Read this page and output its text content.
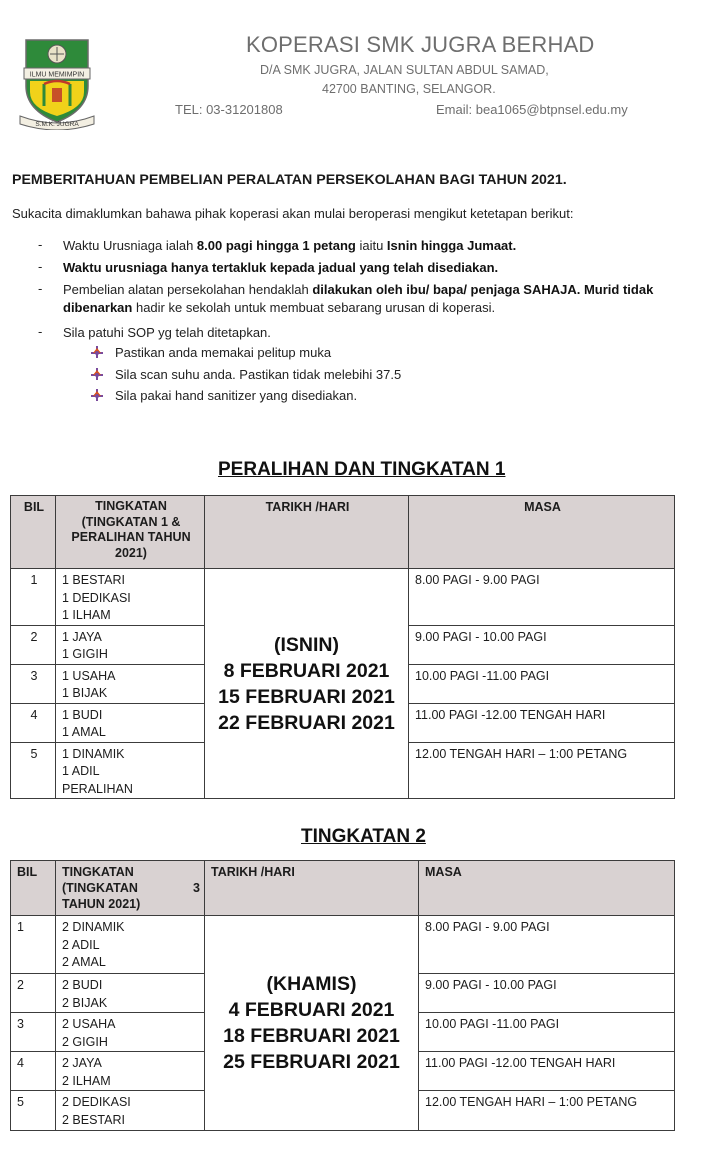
ILMU MEMIMPIN
S.M.K. JUGRA
KOPERASI SMK JUGRA BERHAD
D/A SMK JUGRA, JALAN SULTAN ABDUL SAMAD,
42700 BANTING, SELANGOR.
TEL: 03-31201808	Email: bea1065@btpnsel.edu.my
PEMBERITAHUAN PEMBELIAN PERALATAN PERSEKOLAHAN BAGI TAHUN 2021.
Sukacita dimaklumkan bahawa pihak koperasi akan mulai beroperasi mengikut ketetapan berikut:
- Waktu Urusniaga ialah 8.00 pagi hingga 1 petang iaitu Isnin hingga Jumaat.
- Waktu urusniaga hanya tertakluk kepada jadual yang telah disediakan.
- Pembelian alatan persekolahan hendaklah dilakukan oleh ibu/ bapa/ penjaga SAHAJA. Murid tidak
dibenarkan hadir ke sekolah untuk membuat sebarang urusan di koperasi.
- Sila patuhi SOP yg telah ditetapkan.
Pastikan anda memakai pelitup muka
Sila scan suhu anda. Pastikan tidak melebihi 37.5
Sila pakai hand sanitizer yang disediakan.
PERALIHAN DAN TINGKATAN 1
BIL	TINGKATAN
(TINGKATAN 1 &
PERALIHAN TAHUN
2021)	TARIKH /HARI	MASA

1	1 BESTARI
1 DEDIKASI
1 ILHAM	(ISNIN)
8 FEBRUARI 2021
15 FEBRUARI 2021
22 FEBRUARI 2021	8.00 PAGI - 9.00 PAGI

2	1 JAYA
1 GIGIH		9.00 PAGI - 10.00 PAGI

3	1 USAHA
1 BIJAK		10.00 PAGI -11.00 PAGI

4	1 BUDI
1 AMAL		11.00 PAGI -12.00 TENGAH HARI

5	1 DINAMIK
1 ADIL
PERALIHAN		12.00 TENGAH HARI – 1:00 PETANG
TINGKATAN 2
BIL	TINGKATAN
(TINGKATAN 3
TAHUN 2021)	TARIKH /HARI	MASA

1	2 DINAMIK
2 ADIL
2 AMAL	(KHAMIS)
4 FEBRUARI 2021
18 FEBRUARI 2021
25 FEBRUARI 2021	8.00 PAGI - 9.00 PAGI

2	2 BUDI
2 BIJAK		9.00 PAGI - 10.00 PAGI

3	2 USAHA
2 GIGIH		10.00 PAGI -11.00 PAGI

4	2 JAYA
2 ILHAM		11.00 PAGI -12.00 TENGAH HARI

5	2 DEDIKASI
2 BESTARI		12.00 TENGAH HARI – 1:00 PETANG
